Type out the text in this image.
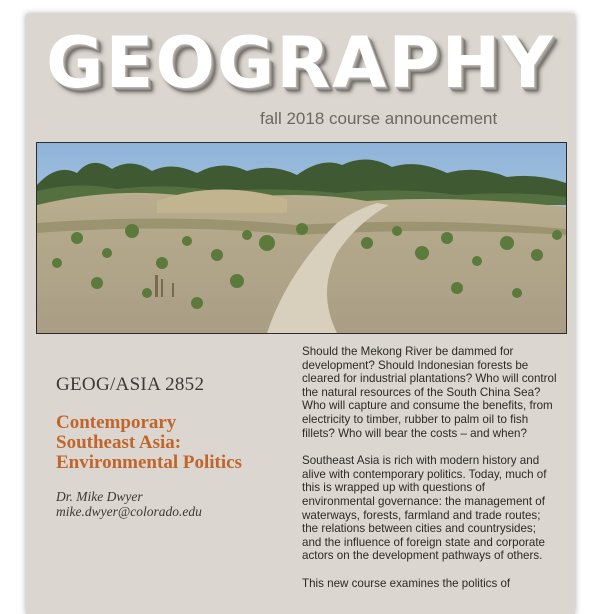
GEOGRAPHY
fall 2018 course announcement
GEOG/ASIA 2852
Contemporary
Southeast Asia:
Environmental Politics
Dr. Mike Dwyer
mike.dwyer@colorado.edu

Should the Mekong River be dammed for development? Should Indonesian forests be cleared for industrial plantations? Who will control the natural resources of the South China Sea? Who will capture and consume the benefits, from electricity to timber, rubber to palm oil to fish fillets? Who will bear the costs – and when?

Southeast Asia is rich with modern history and alive with contemporary politics. Today, much of this is wrapped up with questions of environmental governance: the management of waterways, forests, farmland and trade routes; the relations between cities and countrysides; and the influence of foreign state and corporate actors on the development pathways of others.

This new course examines the politics of
